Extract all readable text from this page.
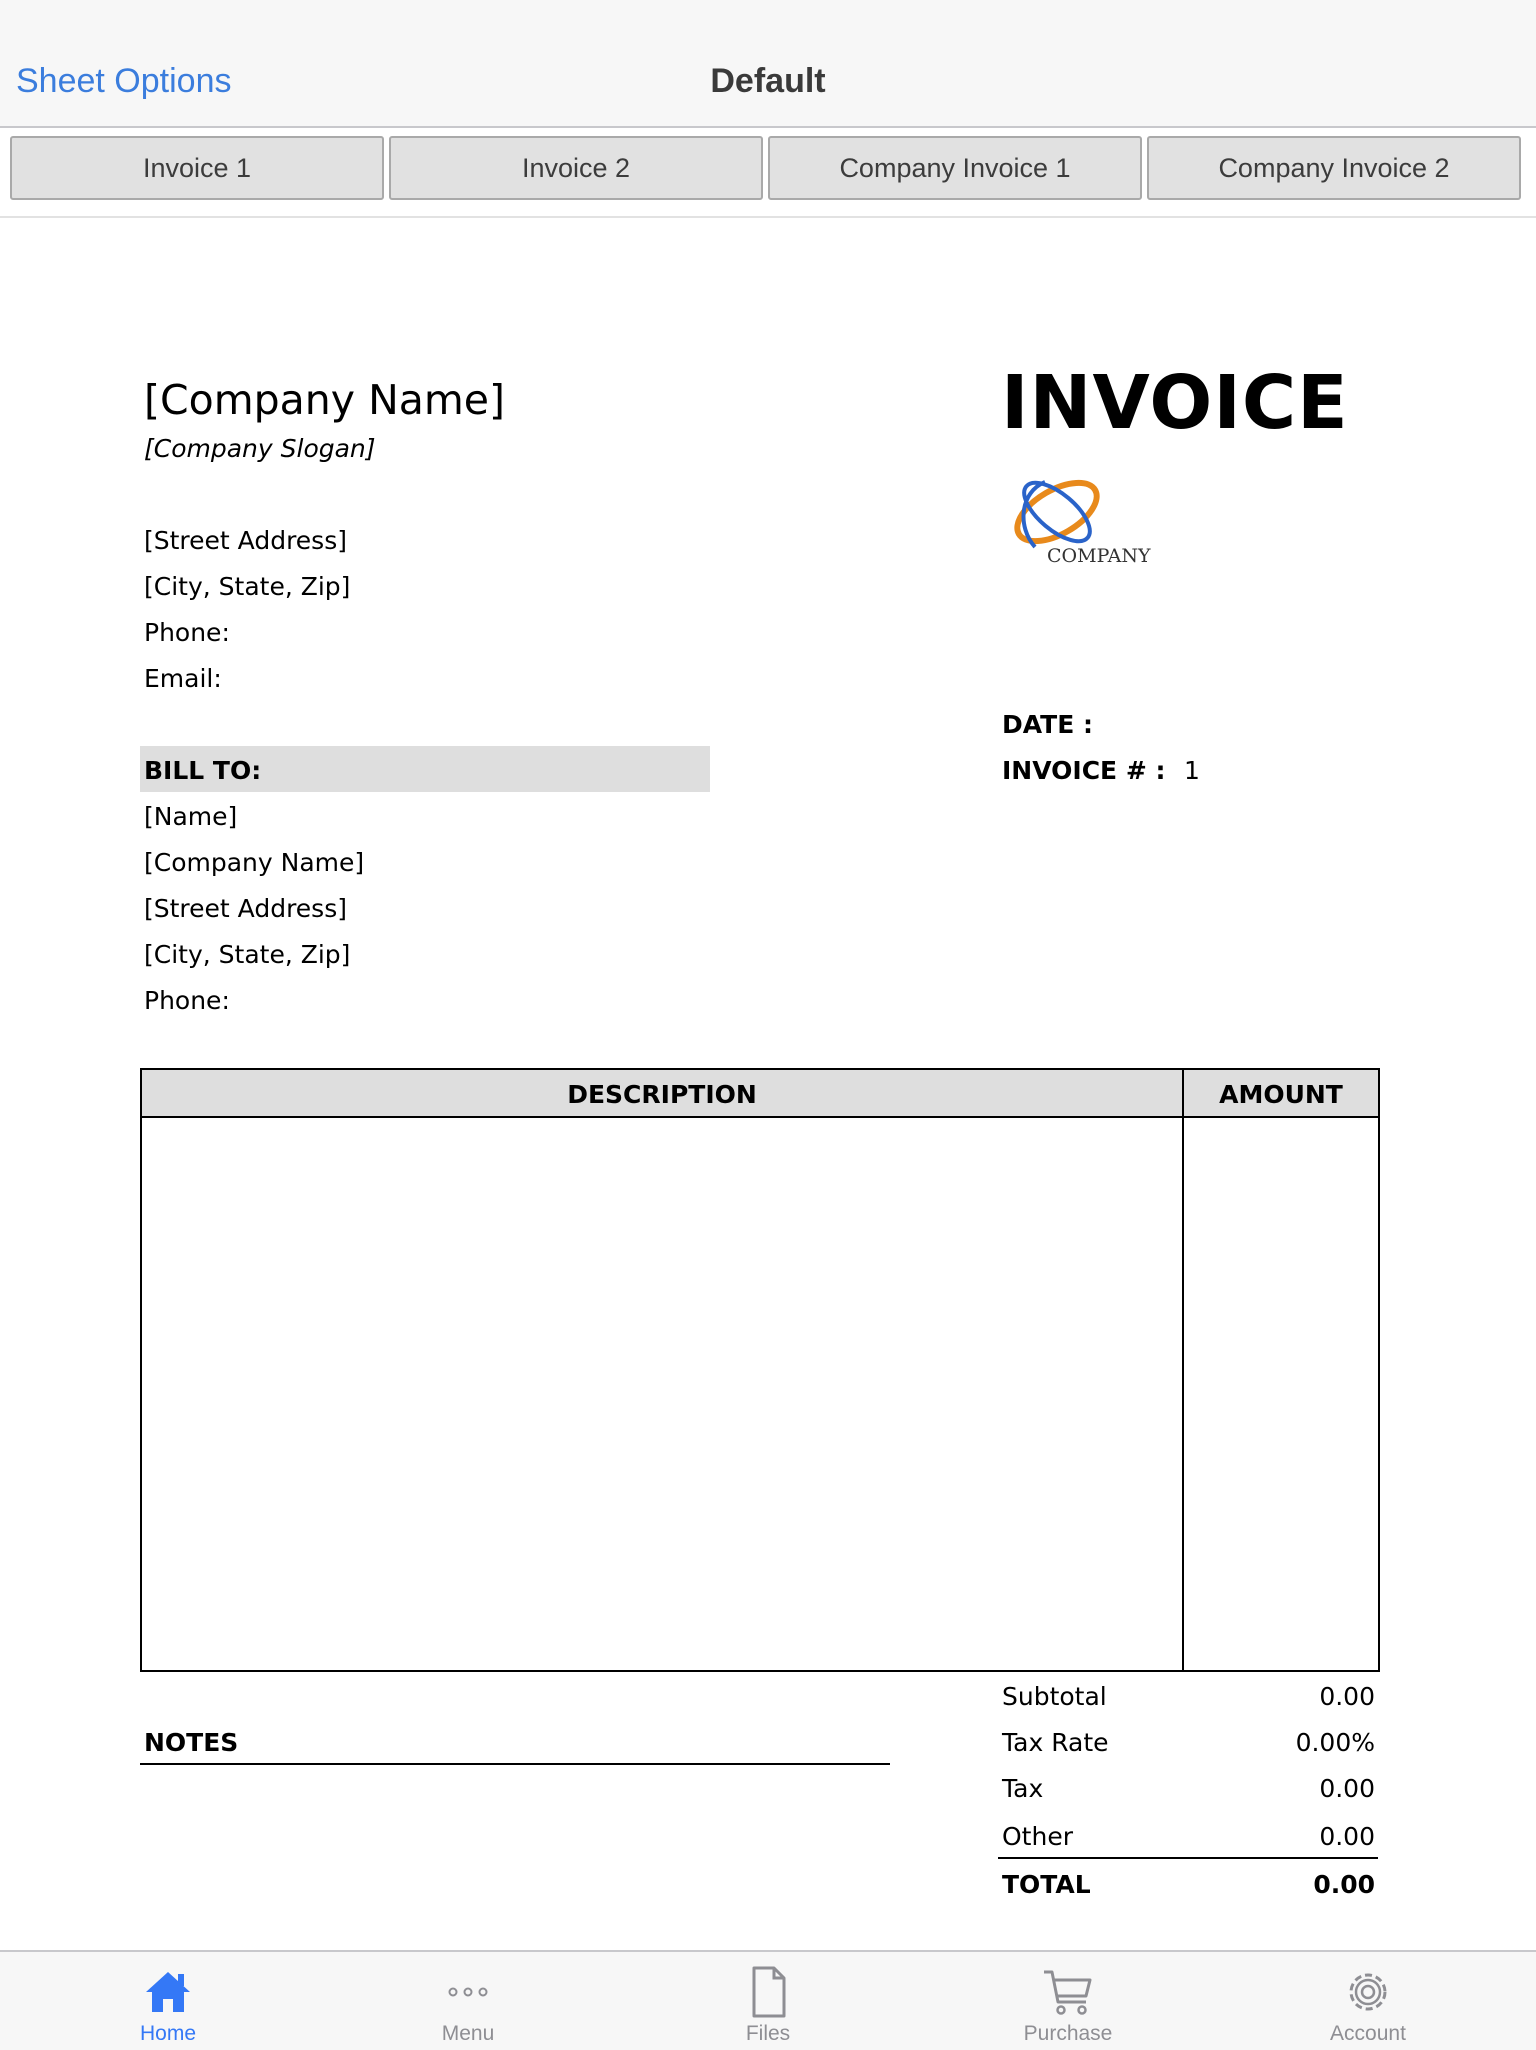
Sheet Options	Default
Invoice 1	Invoice 2	Company Invoice 1	Company Invoice 2
[Company Name]
[Company Slogan]
[Street Address]
[City, State, Zip]
Phone:
Email:
INVOICE
COMPANY
DATE :
INVOICE # : 1
BILL TO:
[Name]
[Company Name]
[Street Address]
[City, State, Zip]
Phone:
DESCRIPTION	AMOUNT
NOTES
Subtotal	0.00
Tax Rate	0.00%
Tax	0.00
Other	0.00
TOTAL	0.00
Home	Menu	Files	Purchase	Account
